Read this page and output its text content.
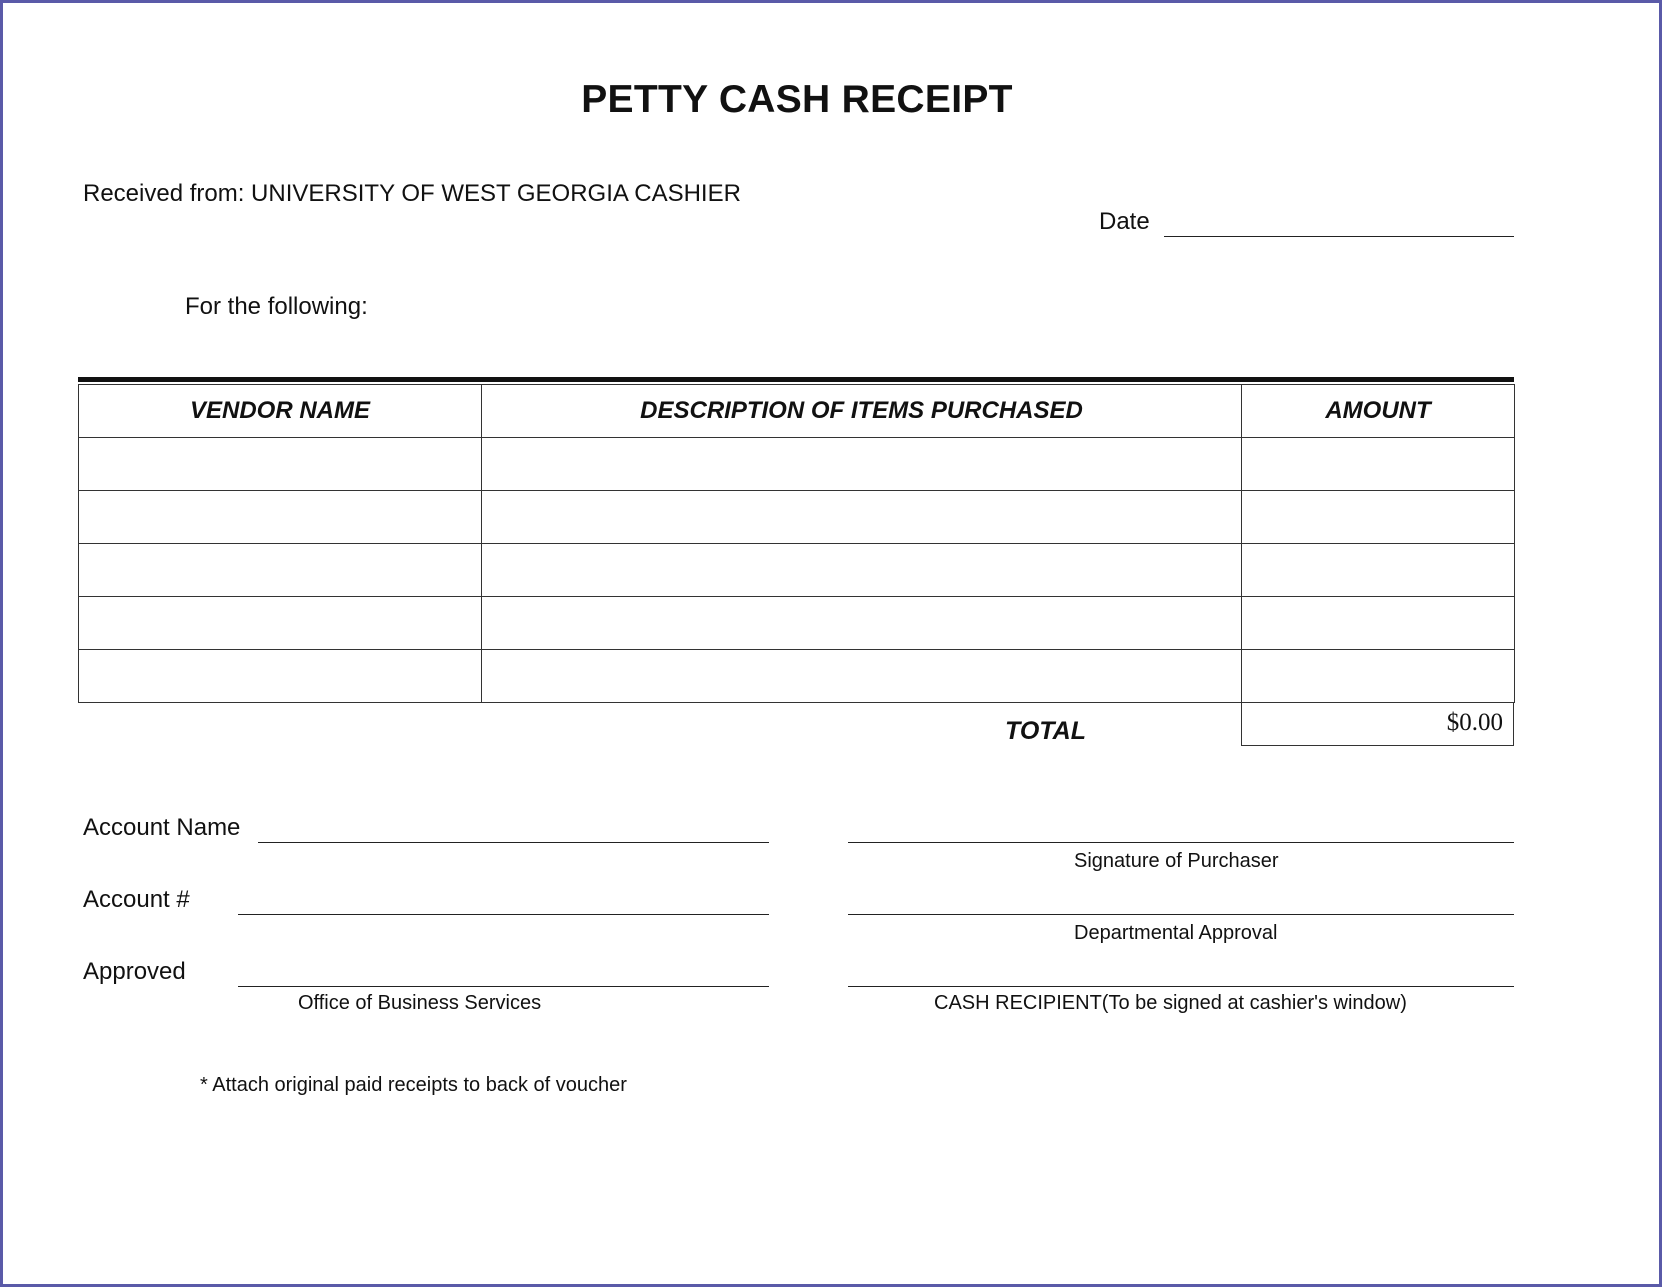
PETTY CASH RECEIPT
Received from: UNIVERSITY OF WEST GEORGIA CASHIER
Date
For the following:
VENDOR NAME	DESCRIPTION OF ITEMS PURCHASED	AMOUNT

TOTAL	$0.00
Account Name
Account #
Approved
Office of Business Services
Signature of Purchaser
Departmental Approval
CASH RECIPIENT(To be signed at cashier's window)
* Attach original paid receipts to back of voucher
